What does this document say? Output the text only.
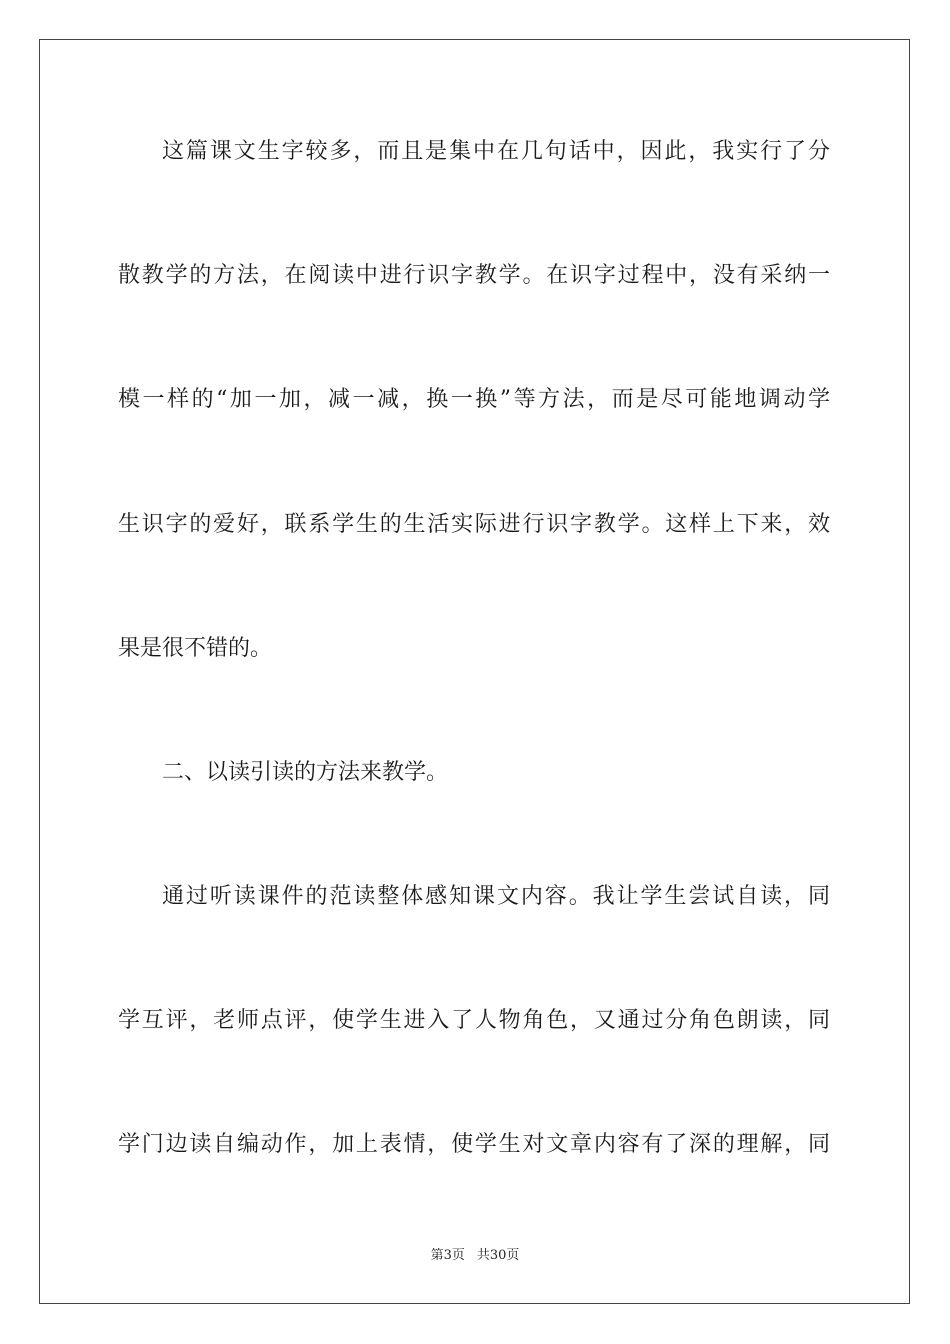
这篇课文生字较多，而且是集中在几句话中，因此，我实行了分
散教学的方法，在阅读中进行识字教学。在识字过程中，没有采纳一
模一样的“加一加，减一减，换一换”等方法，而是尽可能地调动学
生识字的爱好，联系学生的生活实际进行识字教学。这样上下来，效
果是很不错的。
二、以读引读的方法来教学。
通过听读课件的范读整体感知课文内容。我让学生尝试自读，同
学互评，老师点评，使学生进入了人物角色，又通过分角色朗读，同
学门边读自编动作，加上表情，使学生对文章内容有了深的理解，同
第3页 共30页
